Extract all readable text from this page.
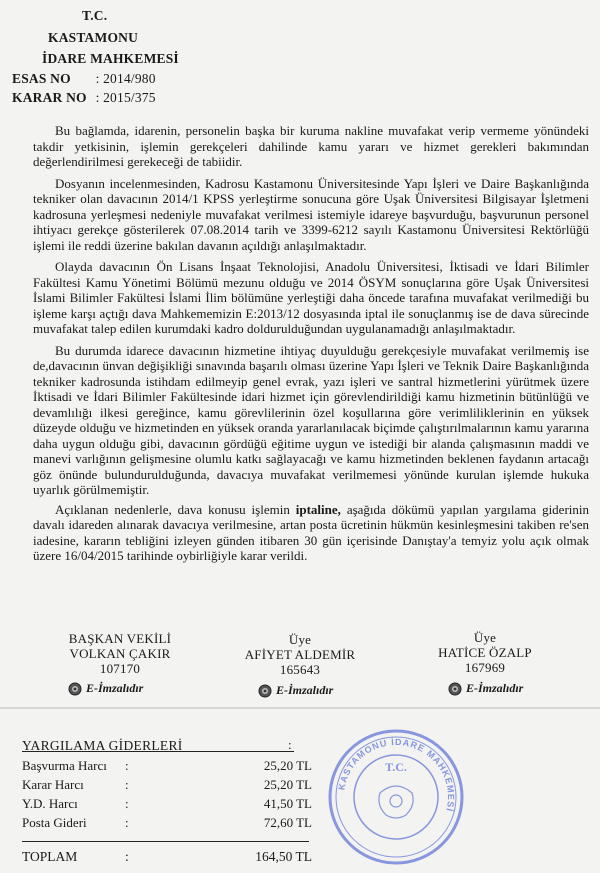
T.C.
KASTAMONU
İDARE MAHKEMESİ
ESAS NO : 2014/980
KARAR NO : 2015/375

Bu bağlamda, idarenin, personelin başka bir kuruma nakline muvafakat verip vermeme yönündeki takdir yetkisinin, işlemin gerekçeleri dahilinde kamu yararı ve hizmet gerekleri bakımından değerlendirilmesi gerekeceği de tabiidir.

Dosyanın incelenmesinden, Kadrosu Kastamonu Üniversitesinde Yapı İşleri ve Daire Başkanlığında tekniker olan davacının 2014/1 KPSS yerleştirme sonucuna göre Uşak Üniversitesi Bilgisayar İşletmeni kadrosuna yerleşmesi nedeniyle muvafakat verilmesi istemiyle idareye başvurduğu, başvurunun personel ihtiyacı gerekçe gösterilerek 07.08.2014 tarih ve 3399-6212 sayılı Kastamonu Üniversitesi Rektörlüğü işlemi ile reddi üzerine bakılan davanın açıldığı anlaşılmaktadır.

Olayda davacının Ön Lisans İnşaat Teknolojisi, Anadolu Üniversitesi, İktisadi ve İdari Bilimler Fakültesi Kamu Yönetimi Bölümü mezunu olduğu ve 2014 ÖSYM sonuçlarına göre Uşak Üniversitesi İslami Bilimler Fakültesi İslami İlim bölümüne yerleştiği daha öncede tarafına muvafakat verilmediği bu işleme karşı açtığı dava Mahkememizin E:2013/12 dosyasında iptal ile sonuçlanmış ise de dava sürecinde muvafakat talep edilen kurumdaki kadro doldurulduğundan uygulanamadığı anlaşılmaktadır.

Bu durumda idarece davacının hizmetine ihtiyaç duyulduğu gerekçesiyle muvafakat verilmemiş ise de,davacının ünvan değişikliği sınavında başarılı olması üzerine Yapı İşleri ve Teknik Daire Başkanlığında tekniker kadrosunda istihdam edilmeyip genel evrak, yazı işleri ve santral hizmetlerini yürütmek üzere İktisadi ve İdari Bilimler Fakültesinde idari hizmet için görevlendirildiği kamu hizmetinin bütünlüğü ve devamlılığı ilkesi gereğince, kamu görevlilerinin özel koşullarına göre verimliliklerinin en yüksek düzeyde olduğu ve hizmetinden en yüksek oranda yararlanılacak biçimde çalıştırılmalarının kamu yararına daha uygun olduğu gibi, davacının gördüğü eğitime uygun ve istediği bir alanda çalışmasının maddi ve manevi varlığının gelişmesine olumlu katkı sağlayacağı ve kamu hizmetinden beklenen faydanın artacağı göz önünde bulundurulduğunda, davacıya muvafakat verilmemesi yönünde kurulan işlemde hukuka uyarlık görülmemiştir.

Açıklanan nedenlerle, dava konusu işlemin iptaline, aşağıda dökümü yapılan yargılama giderinin davalı idareden alınarak davacıya verilmesine, artan posta ücretinin hükmün kesinleşmesini takiben re'sen iadesine, kararın tebliğini izleyen günden itibaren 30 gün içerisinde Danıştay'a temyiz yolu açık olmak üzere 16/04/2015 tarihinde oybirliğiyle karar verildi.

BAŞKAN VEKİLİ
VOLKAN ÇAKIR
107170
Üye
AFİYET ALDEMİR
165643
Üye
HATİCE ÖZALP
167969
E-İmzalıdır	E-İmzalıdır	E-İmzalıdır
YARGILAMA GİDERLERİ	:
Başvurma Harcı :	25,20 TL
Karar Harcı	:	25,20 TL
Y.D. Harcı	:	41,50 TL
Posta Gideri	:	72,60 TL
TOPLAM	:	164,50 TL
KASTAMONU İDARE MAHKEMESİ
T.C.
